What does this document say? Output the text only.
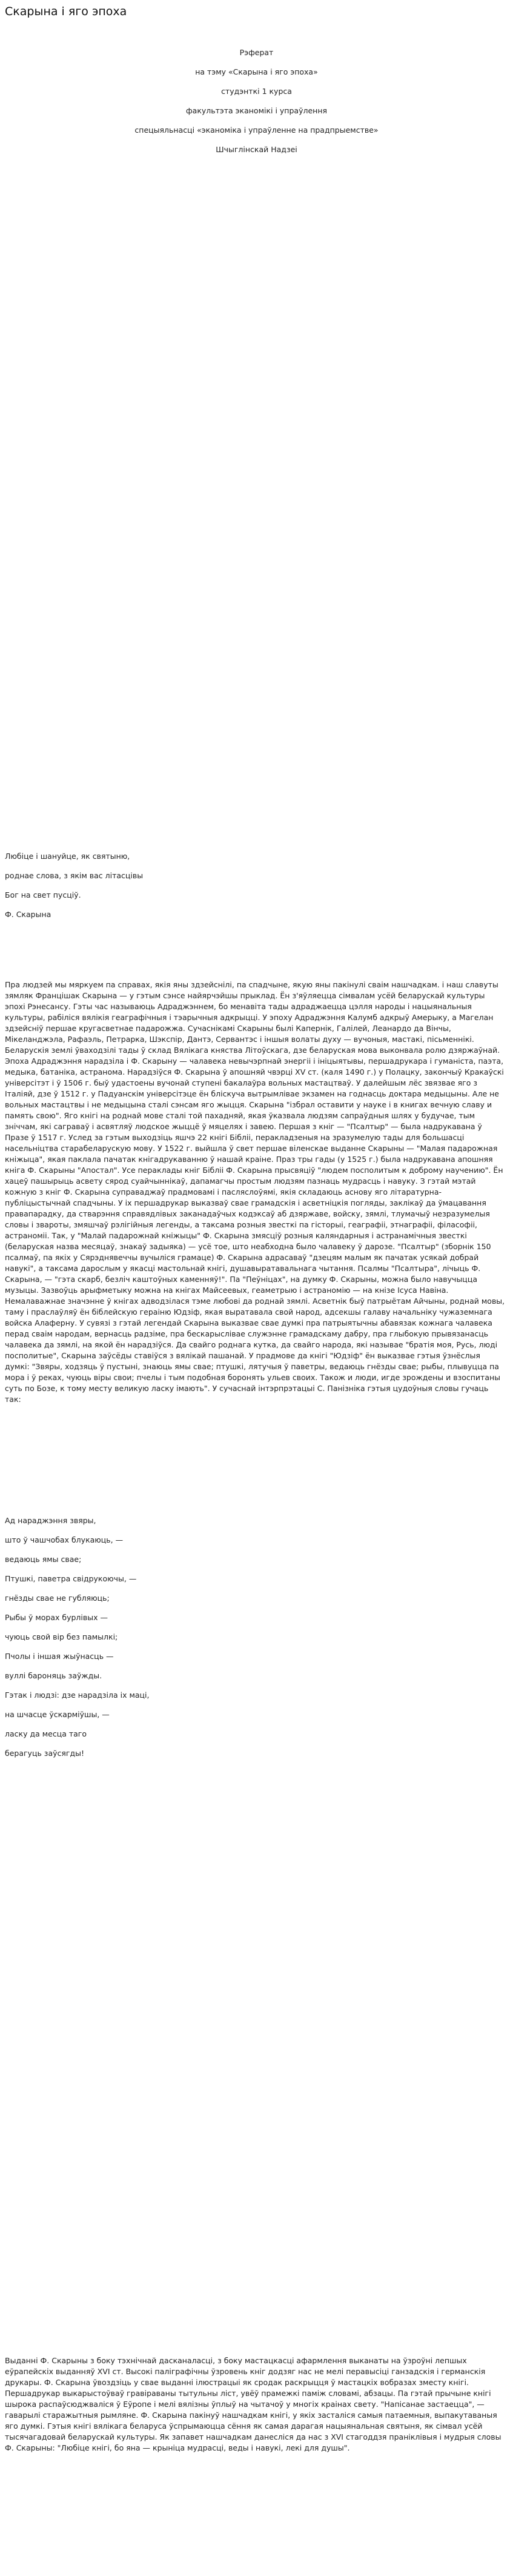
Скарына і яго эпоха

Рэферат

на тэму «Скарына і яго эпоха»

студэнткі 1 курса

факультэта эканомікі і упраўлення

спецыяльнасці «эканоміка і упраўленне на прадпрыемстве»

Шчыглінскай Надзеі

Любіце і шануйце, як святыню,

роднае слова, з якім вас літасцівы

Бог на свет пусціў.

Ф. Скарына

Пра людзей мы мяркуем па справах, якія яны здзейснілі, па спадчыне, якую яны пакінулі сваім нашчадкам. і наш славуты зямляк Францішак Скарына — у гэтым сэнсе найярчэйшы прыклад. Ён з'яўляецца сімвалам усёй беларускай культуры эпохі Рэнесансу. Гэты час называюць Адраджэннем, бо менавіта тады адраджаецца цэлля народы і нацыянальныя культуры, рабіліся вялікія геаграфічныя і тэарычныя адкрыцці. У эпоху Адраджэння Калумб адкрыў Амерыку, а Магелан здзейсніў першае кругасветнае падарожжа. Сучаснікамі Скарыны былі Капернік, Галілей, Леанардо да Вінчы, Мікеланджэла, Рафаэль, Петрарка, Шэкспір, Дантэ, Сервантэс і іншыя волаты духу — вучоныя, мастакі, пісьменнікі. Беларускія землі ўваходзілі тады ў склад Вялікага княства Літоўскага, дзе беларуская мова выконвала ролю дзяржаўнай. Эпоха Адраджэння нарадзіла і Ф. Скарыну — чалавека невычэрпнай энергіі і ініцыятывы, першадрукара і гуманіста, паэта, медыка, батаніка, астранома. Нарадзіўся Ф. Скарына ў апошняй чвэрці XV ст. (каля 1490 г.) у Полацку, закончыў Кракаўскі універсітэт і ў 1506 г. быў удастоены вучонай ступені бакалаўра вольных мастацтваў. У далейшым лёс звязвае яго з Італіяй, дзе ў 1512 г. у Падуанскім універсітэце ён блiскуча вытрымлівае экзамен на годнасць доктара медыцыны. Але не вольных мастацтвы і не медыцына сталі сэнсам яго жыцця. Скарына "ізбрал оставити у науке і в книгах вечную славу и память свою". Яго кнігі на роднай мове сталі той пахадняй, якая ўказвала людзям сапраўдныя шлях у будучае, тым зніччам, які саграваў і асвятляў людское жыццё ў мяцелях і завею. Першая з кніг — "Псалтыр" — была надрукавана ў Празе ў 1517 г. Услед за гэтым выходзіць яшчэ 22 кнігі Бібліі, перакладзеныя на зразумелую тады для большасці насельніцтва старабеларускую мову. У 1522 г. выйшла ў свет першае віленскае выданне Скарыны — "Малая падарожная кніжыца", якая паклала пачатак кнігадрукаванню ў нашай краіне. Праз тры гады (у 1525 г.) была надрукавана апошняя кніга Ф. Скарыны "Апостал". Усе пераклады кніг Бібліі Ф. Скарына прысвяціў "людем посполитым к доброму научению". Ён хацеў пашырыць асвету сярод суайчыннікаў, дапамагчы простым людзям пазнаць мудрасць і навуку. З гэтай мэтай кожную з кніг Ф. Скарына суправаджаў прадмовамі і пасляслоўямі, якія складаюць аснову яго літаратурна-публіцыстычнай спадчыны. У іх першадрукар выказваў свае грамадскія і асветніцкія погляды, заклікаў да ўмацавання правапарадку, да стварэння справядлівых заканадаўчых кодэксаў аб дзяржаве, войску, зямлі, тлумачыў незразумелыя словы і звароты, змяшчаў рэлігійныя легенды, а таксама розныя звесткі па гісторыі, геаграфіі, этнаграфіі, філасофіі, астраноміі. Так, у "Малай падарожнай кніжыцы" Ф. Скарына змясціў розныя каляндарныя і астранамічныя звесткі (беларуская назва месяцаў, знакаў задыяка) — усё тое, што неабходна было чалавеку ў дарозе. "Псалтыр" (зборнік 150 псалмаў, па якіх у Сярэднявеччы вучыліся грамаце) Ф. Скарына адрасаваў "дзецям малым як пачатак усякай добрай навукі", а таксама дарослым у якасці мастольнай кнігі, душавыратавальнага чытання. Псалмы "Псалтыра", лічыць Ф. Скарына, — "гэта скарб, безліч каштоўных каменняў!". Па "Пеўніцах", на думку Ф. Скарыны, можна было навучыцца музыцы. Зазвоўць арыфметыку можна на кнігах Майсеевых, геаметрыю і астраномію — на кнізе Ісуса Навіна. Немалаважнае значэнне ў кнігах адводзілася тэме любові да роднай зямлі. Асветнік быў патрыётам Айчыны, роднай мовы, таму і праслаўляў ён біблейскую гераіню Юдзіф, якая выратавала свой народ, адсекшы галаву начальніку чужаземнага войска Алаферну. У сувязі з гэтай легендай Скарына выказвае свае думкі пра патрыятычны абавязак кожнага чалавека перад сваім народам, вернасць радзіме, пра бескарыслівае служэнне грамадскаму дабру, пра глыбокую прывязанасць чалавека да зямлі, на якой ён нарадзіўся. Да свайго роднага кутка, да свайго народа, які называе "братія моя, Русь, людi посполитые", Скарына заўсёды ставіўся з вялікай пашанай. У прадмове да кнігі "Юдзіф" ён выказвае гэтыя ўзнёслыя думкі: "Звяры, ходзяць ў пустыні, знаюць ямы свае; птушкі, лятучыя ў паветры, ведаюць гнёзды свае; рыбы, плывуцца па мора і ў реках, чуюць вiры свои; пчелы і тым подобная боронять ульев своих. Також и люди, игде зрождены и взоспитаны суть по Бозе, к тому месту великую ласку імають". У сучаснай інтэрпрэтацыі С. Панізніка гэтыя цудоўныя словы гучаць так:

Ад нараджэння звяры,

што ў чашчобах блукаюць, —

ведаюць ямы свае;

Птушкі, паветра свідрукоючы, —

гнёзды свае не губляюць;

Рыбы ў морах бурлівых —

чуюць свой вір без памылкі;

Пчолы і іншая жыўнасць —

вуллі бароняць заўжды.

Гэтак і людзі: дзе нарадзіла іх маці,

на шчасце ўскарміўшы, —

ласку да месца таго

берагуць заўсягды!

Выданні Ф. Скарыны з боку тэхнічнай дасканаласці, з боку мастацкасці афармлення выканаты на ўзроўні лепшых еўрапейскіх выданняў XVI ст. Высокі паліграфічны ўзровень кніг додзяг нас не мелі перавысіці ганзадскія і германскія друкары. Ф. Скарына ўвоздзіць у свае выданні ілюстрацыі як сродак раскрыцця ў мастацкіх вобразах зместу кнігі. Першадрукар выкарыстоўваў гравіраваны тытульны ліст, увёў прамежкі паміж словамі, абзацы. Па гэтай прычыне кнігі шырока распаўсюджваліся ў Еўропе і мелі вялізны ўплыў на чытачоў у многіх краінах свету. "Напісанае застаецца", — гаварылі старажытныя рымляне. Ф. Скарына пакінуў нашчадкам кнігі, у якіх засталіся самыя патаемныя, выпакутаваныя яго думкі. Гэтыя кнігі вялікага беларуса ўспрымаюцца сёння як самая дарагая нацыянальная святыня, як сімвал усёй тысячагадовай беларускай культуры. Як запавет нашчадкам данесліся да нас з XVI стагоддзя праніклівыя і мудрыя словы Ф. Скарыны: "Любіце кнігі, бо яна — крыніца мудрасці, веды і навукі, лекі для душы".
